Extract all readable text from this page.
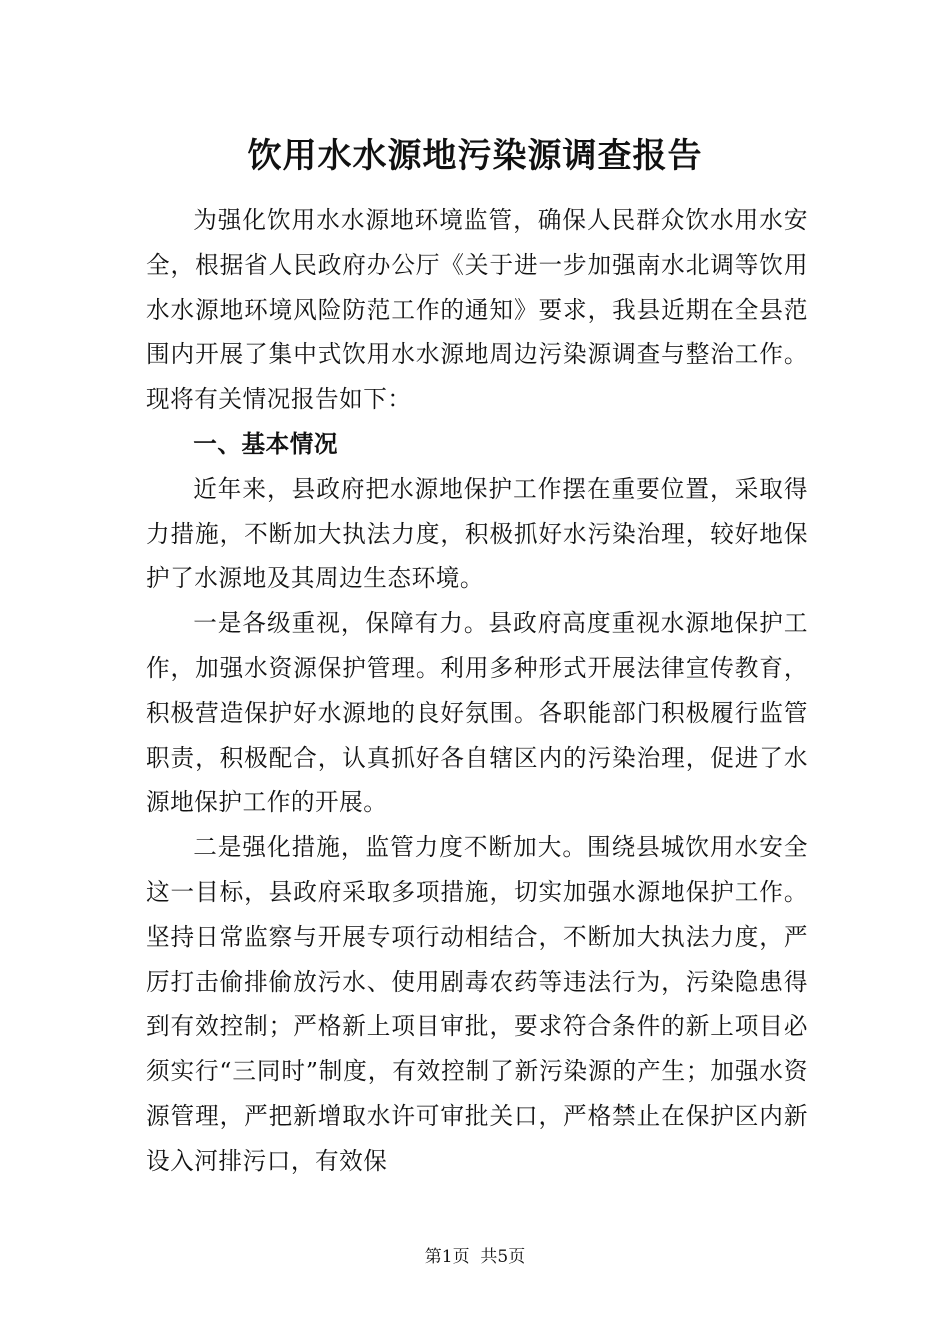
饮用水水源地污染源调查报告

为强化饮用水水源地环境监管，确保人民群众饮水用水安全，根据省人民政府办公厅《关于进一步加强南水北调等饮用水水源地环境风险防范工作的通知》要求，我县近期在全县范围内开展了集中式饮用水水源地周边污染源调查与整治工作。现将有关情况报告如下：

一、基本情况

近年来，县政府把水源地保护工作摆在重要位置，采取得力措施，不断加大执法力度，积极抓好水污染治理，较好地保护了水源地及其周边生态环境。

一是各级重视，保障有力。县政府高度重视水源地保护工作，加强水资源保护管理。利用多种形式开展法律宣传教育，积极营造保护好水源地的良好氛围。各职能部门积极履行监管职责，积极配合，认真抓好各自辖区内的污染治理，促进了水源地保护工作的开展。

二是强化措施，监管力度不断加大。围绕县城饮用水安全这一目标，县政府采取多项措施，切实加强水源地保护工作。坚持日常监察与开展专项行动相结合，不断加大执法力度，严厉打击偷排偷放污水、使用剧毒农药等违法行为，污染隐患得到有效控制；严格新上项目审批，要求符合条件的新上项目必须实行“三同时”制度，有效控制了新污染源的产生；加强水资源管理，严把新增取水许可审批关口，严格禁止在保护区内新设入河排污口，有效保

第1页 共5页
